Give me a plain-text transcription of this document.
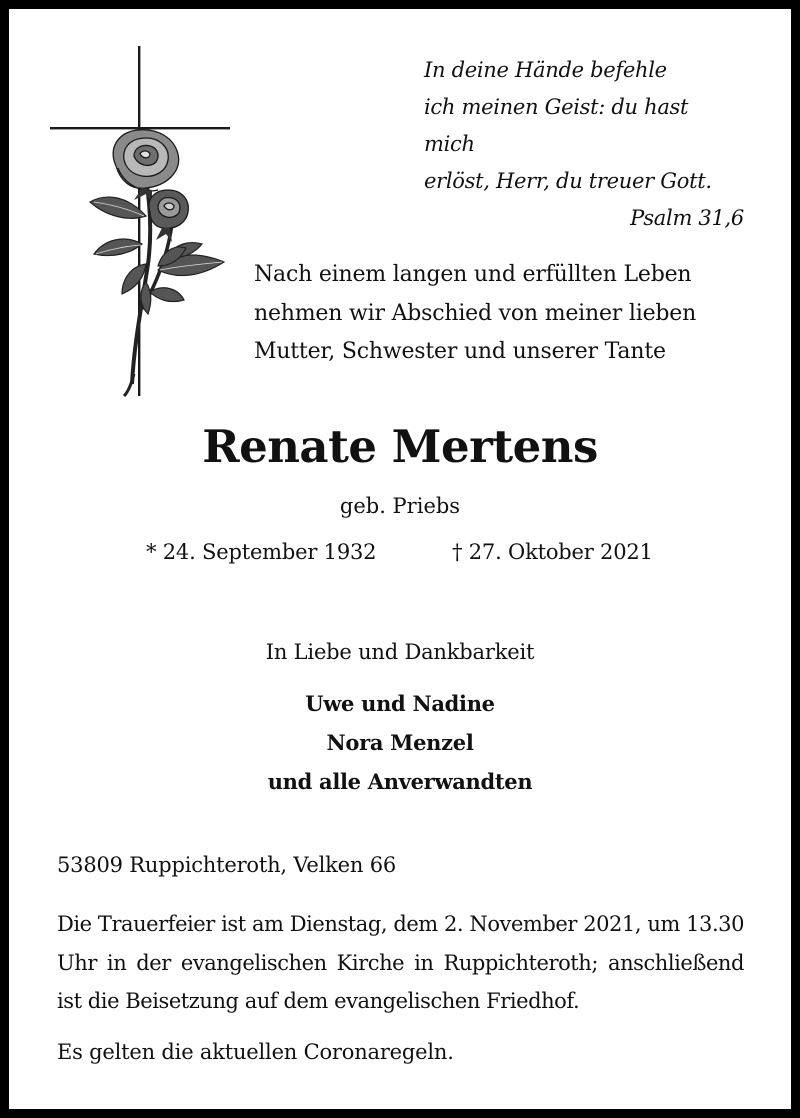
In deine Hände befehle
ich meinen Geist: du hast mich
erlöst, Herr, du treuer Gott.
Psalm 31,6
Nach einem langen und erfüllten Leben
nehmen wir Abschied von meiner lieben
Mutter, Schwester und unserer Tante
Renate Mertens
geb. Priebs
* 24. September 1932	† 27. Oktober 2021
In Liebe und Dankbarkeit
Uwe und Nadine
Nora Menzel
und alle Anverwandten
53809 Ruppichteroth, Velken 66
Die Trauerfeier ist am Dienstag, dem 2. November 2021, um 13.30 Uhr in der evangelischen Kirche in Ruppichteroth; anschließend ist die Beisetzung auf dem evangelischen Friedhof.
Es gelten die aktuellen Coronaregeln.
